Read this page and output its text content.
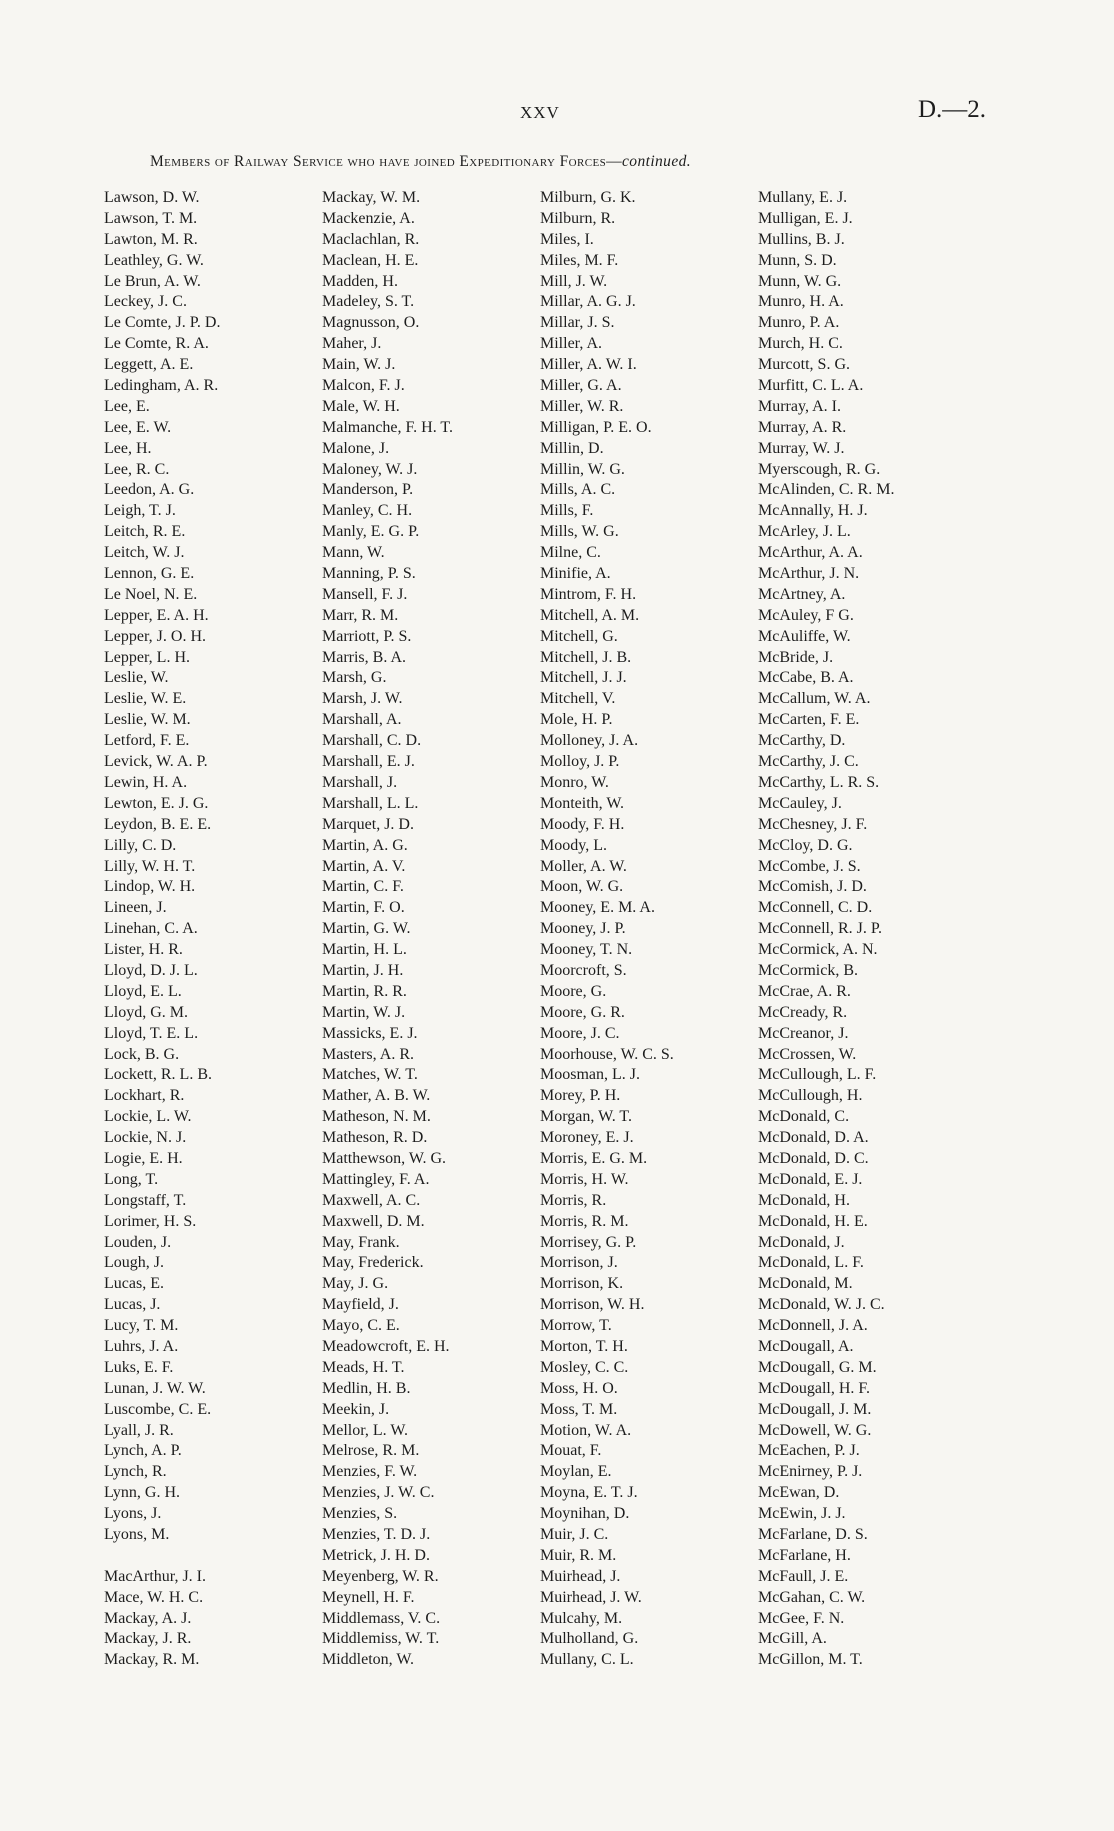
XXV	D.—2.
Members of Railway Service who have joined Expeditionary Forces—continued.
Lawson, D. W.
Lawson, T. M.
Lawton, M. R.
Leathley, G. W.
Le Brun, A. W.
Leckey, J. C.
Le Comte, J. P. D.
Le Comte, R. A.
Leggett, A. E.
Ledingham, A. R.
Lee, E.
Lee, E. W.
Lee, H.
Lee, R. C.
Leedon, A. G.
Leigh, T. J.
Leitch, R. E.
Leitch, W. J.
Lennon, G. E.
Le Noel, N. E.
Lepper, E. A. H.
Lepper, J. O. H.
Lepper, L. H.
Leslie, W.
Leslie, W. E.
Leslie, W. M.
Letford, F. E.
Levick, W. A. P.
Lewin, H. A.
Lewton, E. J. G.
Leydon, B. E. E.
Lilly, C. D.
Lilly, W. H. T.
Lindop, W. H.
Lineen, J.
Linehan, C. A.
Lister, H. R.
Lloyd, D. J. L.
Lloyd, E. L.
Lloyd, G. M.
Lloyd, T. E. L.
Lock, B. G.
Lockett, R. L. B.
Lockhart, R.
Lockie, L. W.
Lockie, N. J.
Logie, E. H.
Long, T.
Longstaff, T.
Lorimer, H. S.
Louden, J.
Lough, J.
Lucas, E.
Lucas, J.
Lucy, T. M.
Luhrs, J. A.
Luks, E. F.
Lunan, J. W. W.
Luscombe, C. E.
Lyall, J. R.
Lynch, A. P.
Lynch, R.
Lynn, G. H.
Lyons, J.
Lyons, M.
MacArthur, J. I.
Mace, W. H. C.
Mackay, A. J.
Mackay, J. R.
Mackay, R. M.
Mackay, W. M.
Mackenzie, A.
Maclachlan, R.
Maclean, H. E.
Madden, H.
Madeley, S. T.
Magnusson, O.
Maher, J.
Main, W. J.
Malcon, F. J.
Male, W. H.
Malmanche, F. H. T.
Malone, J.
Maloney, W. J.
Manderson, P.
Manley, C. H.
Manly, E. G. P.
Mann, W.
Manning, P. S.
Mansell, F. J.
Marr, R. M.
Marriott, P. S.
Marris, B. A.
Marsh, G.
Marsh, J. W.
Marshall, A.
Marshall, C. D.
Marshall, E. J.
Marshall, J.
Marshall, L. L.
Marquet, J. D.
Martin, A. G.
Martin, A. V.
Martin, C. F.
Martin, F. O.
Martin, G. W.
Martin, H. L.
Martin, J. H.
Martin, R. R.
Martin, W. J.
Massicks, E. J.
Masters, A. R.
Matches, W. T.
Mather, A. B. W.
Matheson, N. M.
Matheson, R. D.
Matthewson, W. G.
Mattingley, F. A.
Maxwell, A. C.
Maxwell, D. M.
May, Frank.
May, Frederick.
May, J. G.
Mayfield, J.
Mayo, C. E.
Meadowcroft, E. H.
Meads, H. T.
Medlin, H. B.
Meekin, J.
Mellor, L. W.
Melrose, R. M.
Menzies, F. W.
Menzies, J. W. C.
Menzies, S.
Menzies, T. D. J.
Metrick, J. H. D.
Meyenberg, W. R.
Meynell, H. F.
Middlemass, V. C.
Middlemiss, W. T.
Middleton, W.
Milburn, G. K.
Milburn, R.
Miles, I.
Miles, M. F.
Mill, J. W.
Millar, A. G. J.
Millar, J. S.
Miller, A.
Miller, A. W. I.
Miller, G. A.
Miller, W. R.
Milligan, P. E. O.
Millin, D.
Millin, W. G.
Mills, A. C.
Mills, F.
Mills, W. G.
Milne, C.
Minifie, A.
Mintrom, F. H.
Mitchell, A. M.
Mitchell, G.
Mitchell, J. B.
Mitchell, J. J.
Mitchell, V.
Mole, H. P.
Molloney, J. A.
Molloy, J. P.
Monro, W.
Monteith, W.
Moody, F. H.
Moody, L.
Moller, A. W.
Moon, W. G.
Mooney, E. M. A.
Mooney, J. P.
Mooney, T. N.
Moorcroft, S.
Moore, G.
Moore, G. R.
Moore, J. C.
Moorhouse, W. C. S.
Moosman, L. J.
Morey, P. H.
Morgan, W. T.
Moroney, E. J.
Morris, E. G. M.
Morris, H. W.
Morris, R.
Morris, R. M.
Morrisey, G. P.
Morrison, J.
Morrison, K.
Morrison, W. H.
Morrow, T.
Morton, T. H.
Mosley, C. C.
Moss, H. O.
Moss, T. M.
Motion, W. A.
Mouat, F.
Moylan, E.
Moyna, E. T. J.
Moynihan, D.
Muir, J. C.
Muir, R. M.
Muirhead, J.
Muirhead, J. W.
Mulcahy, M.
Mulholland, G.
Mullany, C. L.
Mullany, E. J.
Mulligan, E. J.
Mullins, B. J.
Munn, S. D.
Munn, W. G.
Munro, H. A.
Munro, P. A.
Murch, H. C.
Murcott, S. G.
Murfitt, C. L. A.
Murray, A. I.
Murray, A. R.
Murray, W. J.
Myerscough, R. G.
McAlinden, C. R. M.
McAnnally, H. J.
McArley, J. L.
McArthur, A. A.
McArthur, J. N.
McArtney, A.
McAuley, F G.
McAuliffe, W.
McBride, J.
McCabe, B. A.
McCallum, W. A.
McCarten, F. E.
McCarthy, D.
McCarthy, J. C.
McCarthy, L. R. S.
McCauley, J.
McChesney, J. F.
McCloy, D. G.
McCombe, J. S.
McComish, J. D.
McConnell, C. D.
McConnell, R. J. P.
McCormick, A. N.
McCormick, B.
McCrae, A. R.
McCready, R.
McCreanor, J.
McCrossen, W.
McCullough, L. F.
McCullough, H.
McDonald, C.
McDonald, D. A.
McDonald, D. C.
McDonald, E. J.
McDonald, H.
McDonald, H. E.
McDonald, J.
McDonald, L. F.
McDonald, M.
McDonald, W. J. C.
McDonnell, J. A.
McDougall, A.
McDougall, G. M.
McDougall, H. F.
McDougall, J. M.
McDowell, W. G.
McEachen, P. J.
McEnirney, P. J.
McEwan, D.
McEwin, J. J.
McFarlane, D. S.
McFarlane, H.
McFaull, J. E.
McGahan, C. W.
McGee, F. N.
McGill, A.
McGillon, M. T.
